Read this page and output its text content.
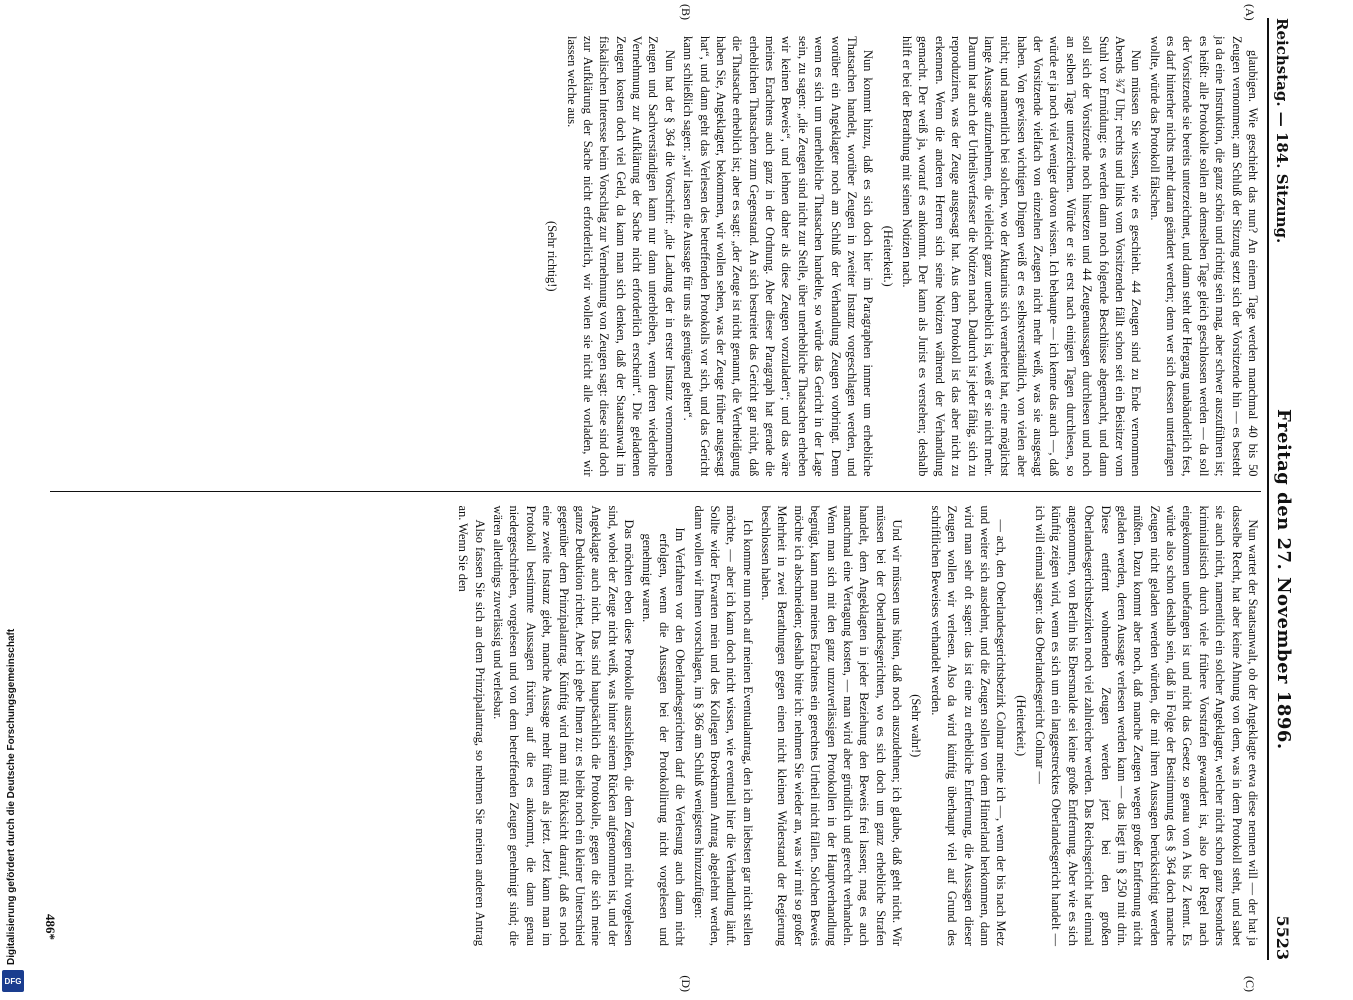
Reichstag. — 184. Sitzung.
Freitag den 27. November 1896.
5523
(A)
(B)
(C)
(D)

glaubigen. Wie geschieht das nun? An einem Tage werden manchmal 40 bis 50 Zeugen vernommen; am Schluß der Sitzung setzt sich der Vorsitzende hin — es besteht ja da eine Instruktion, die ganz schön und richtig sein mag, aber schwer auszuführen ist; es heißt: alle Protokolle sollen an demselben Tage gleich geschlossen werden — da soll der Vorsitzende sie bereits unterzeichnet, und dann steht der Hergang unabänderlich fest, es darf hinterher nichts mehr daran geändert werden; denn wer sich dessen unterfangen wollte, würde das Protokoll fälschen.

Nun müssen Sie wissen, wie es geschieht. 44 Zeugen sind zu Ende vernommen Abends ¾7 Uhr; rechts und links vom Vorsitzenden fällt schon seit ein Beisitzer vom Stuhl vor Ermüdung: es werden dann noch folgende Beschlüsse abgemacht, und dann soll sich der Vorsitzende noch hinsetzen und 44 Zeugenaussagen durchlesen und noch an selben Tage unterzeichnen. Würde er sie erst nach einigen Tagen durchlesen, so würde er ja noch viel weniger davon wissen. Ich behaupte — ich kenne das auch —, daß der Vorsitzende vielfach von einzelnen Zeugen nicht mehr weiß, was sie ausgesagt haben. Von gewissen wichtigen Dingen weiß er es selbstverständlich, von vielen aber nicht; und namentlich bei solchen, wo der Aktuarius sich verarbeitet hat, eine möglichst lange Aussage aufzunehmen, die vielleicht ganz unerheblich ist, weiß er sie nicht mehr. Darum hat auch der Urtheilsverfasser die Notizen nach. Dadurch ist jeder fähig, sich zu reproduziren, was der Zeuge ausgesagt hat. Aus dem Protokoll ist das aber nicht zu erkennen. Wenn die anderen Herren sich seine Notizen während der Verhandlung gemacht. Der weiß ja, worauf es ankommt. Der kann als Jurist es verstehen; deshalb hilft er bei der Berathung mit seinen Notizen nach.

(Heiterkeit.)

Nun kommt hinzu, daß es sich doch hier im Paragraphen immer um erhebliche Thatsachen handelt, worüber Zeugen in zweiter Instanz vorgeschlagen werden, und worüber ein Angeklagter noch am Schluß der Verhandlung Zeugen vorbringt. Denn wenn es sich um unerhebliche Thatsachen handelte, so würde das Gericht in der Lage sein, zu sagen: „die Zeugen sind nicht zur Stelle, über unerhebliche Thatsachen erheben wir keinen Beweis“, und lehnen daher als diese Zeugen vorzuladen“; und das wäre meines Erachtens auch ganz in der Ordnung. Aber dieser Paragraph hat gerade die erheblichen Thatsachen zum Gegenstand. An sich bestreitet das Gericht gar nicht, daß die Thatsache erheblich ist; aber es sagt: „der Zeuge ist nicht genannt, die Vertheidigung haben Sie, Angeklagter, bekommen, wir wollen sehen, was der Zeuge früher ausgesagt hat“, und dann geht das Verlesen des betreffenden Protokolls vor sich, und das Gericht kann schließlich sagen: „wir lassen die Aussage für uns als genügend gelten“.

Nun hat der § 364 die Vorschrift: „die Ladung der in erster Instanz vernommenen Zeugen und Sachverständigen kann nur dann unterbleiben, wenn deren wiederholte Vernehmung zur Aufklärung der Sache nicht erforderlich erscheint“. Die geladenen Zeugen kosten doch viel Geld, da kann man sich denken, daß der Staatsanwalt im fiskalischen Interesse beim Vorschlag zur Vernehmung von Zeugen sagt: diese sind doch zur Aufklärung der Sache nicht erforderlich, wir wollen sie nicht alle vorladen, wir lassen welche aus.

(Sehr richtig!)

Nun wartet der Staatsanwalt, ob der Angeklagte etwa diese nennen will — der hat ja dasselbe Recht, hat aber keine Ahnung von dem, was in dem Protokoll steht, und sabet sie auch nicht, namentlich ein solcher Angeklagter, welcher nicht schon ganz besonders kriminalistisch durch viele frühere Vorstrafen gewandert ist, also der Regel nach eingekommen unbefangen ist und nicht das Gesetz so genau von A bis Z kennt. Es würde also schon deshalb sein, daß in Folge der Bestimmung des § 364 doch manche Zeugen nicht geladen werden würden, die mit ihren Aussagen berücksichtigt werden müßten. Dazu kommt aber noch, daß manche Zeugen wegen großer Entfernung nicht geladen werden, deren Aussage verlesen werden kann — das liegt im § 250 mit drin. Diese entfernt wohnenden Zeugen werden jetzt bei den großen Oberlandesgerichtsbezirken noch viel zahlreicher werden. Das Reichsgericht hat einmal angenommen, von Berlin bis Ebersmalde sei keine große Entfernung. Aber wie es sich künftig zeigen wird, wenn es sich um ein langgestrecktes Oberlandesgericht handelt — ich will einmal sagen: das Oberlandesgericht Colmar —

(Heiterkeit.)

— ach, den Oberlandesgerichtsbezirk Colmar meine ich —, wenn der bis nach Metz und weiter sich ausdehnt, und die Zeugen sollen von dem Hinterland herkommen, dann wird man sehr oft sagen: das ist eine zu erhebliche Entfernung, die Aussagen dieser Zeugen wollen wir verlesen. Also da wird künftig überhaupt viel auf Grund des schriftlichen Beweises verhandelt werden.

(Sehr wahr!)

Und wir müssen uns hüten, daß noch auszudehnen; ich glaube, daß geht nicht. Wir müssen bei der Oberlandesgerichten, wo es sich doch um ganz erhebliche Strafen handelt, dem Angeklagten in jeder Beziehung den Beweis frei lassen; mag es auch manchmal eine Vertagung kosten, — man wird aber gründlich und gerecht verhandeln. Wenn man sich mit den ganz unzuverlässigen Protokollen in der Hauptverhandlung begnügt, kann man meines Erachtens ein gerechtes Urtheil nicht fällen. Solchen Beweis möchte ich abschneiden; deshalb bitte ich: nehmen Sie wieder an, was wir mit so großer Mehrheit in zwei Berathungen gegen einen nicht kleinen Widerstand der Regierung beschlossen haben.

Ich komme nun noch auf meinen Eventualantrag, den ich am liebsten gar nicht stellen möchte, — aber ich kann doch nicht wissen, wie eventuell hier die Verhandlung läuft. Sollte wider Erwarten mein und des Kollegen Broekmann Antrag abgelehnt werden, dann wollen wir Ihnen vorschlagen, im § 366 am Schluß wenigstens hinzuzufügen:

Im Verfahren vor den Oberlandesgerichten darf die Verlesung auch dann nicht erfolgen, wenn die Aussagen bei der Protokollirung nicht vorgelesen und genehmigt waren.

Das möchten eben diese Protokolle ausschließen, die dem Zeugen nicht vorgelesen sind, wobei der Zeuge nicht weiß, was hinter seinem Rücken aufgenommen ist, und der Angeklagte auch nicht. Das sind hauptsächlich die Protokolle, gegen die sich meine ganze Deduktion richtet. Aber ich gebe Ihnen zu: es bleibt noch ein kleiner Unterschied gegenüber dem Prinzipalantrag. Künftig wird man mit Rücksicht darauf, daß es noch eine zweite Instanz giebt, manche Aussage mehr führen als jetzt. Jetzt kann man im Protokoll bestimmte Aussagen fixiren, auf die es ankommt, die dann genau niedergeschrieben, vorgelesen und von dem betreffenden Zeugen genehmigt sind; die wären allerdings zuverlässig und verlesbar.

Also fassen Sie sich an dem Prinzipalantrag, so nehmen Sie meinen anderen Antrag an. Wenn Sie den

486*
Digitalisierung gefördert durch die Deutsche Forschungsgemeinschaft
DFG
